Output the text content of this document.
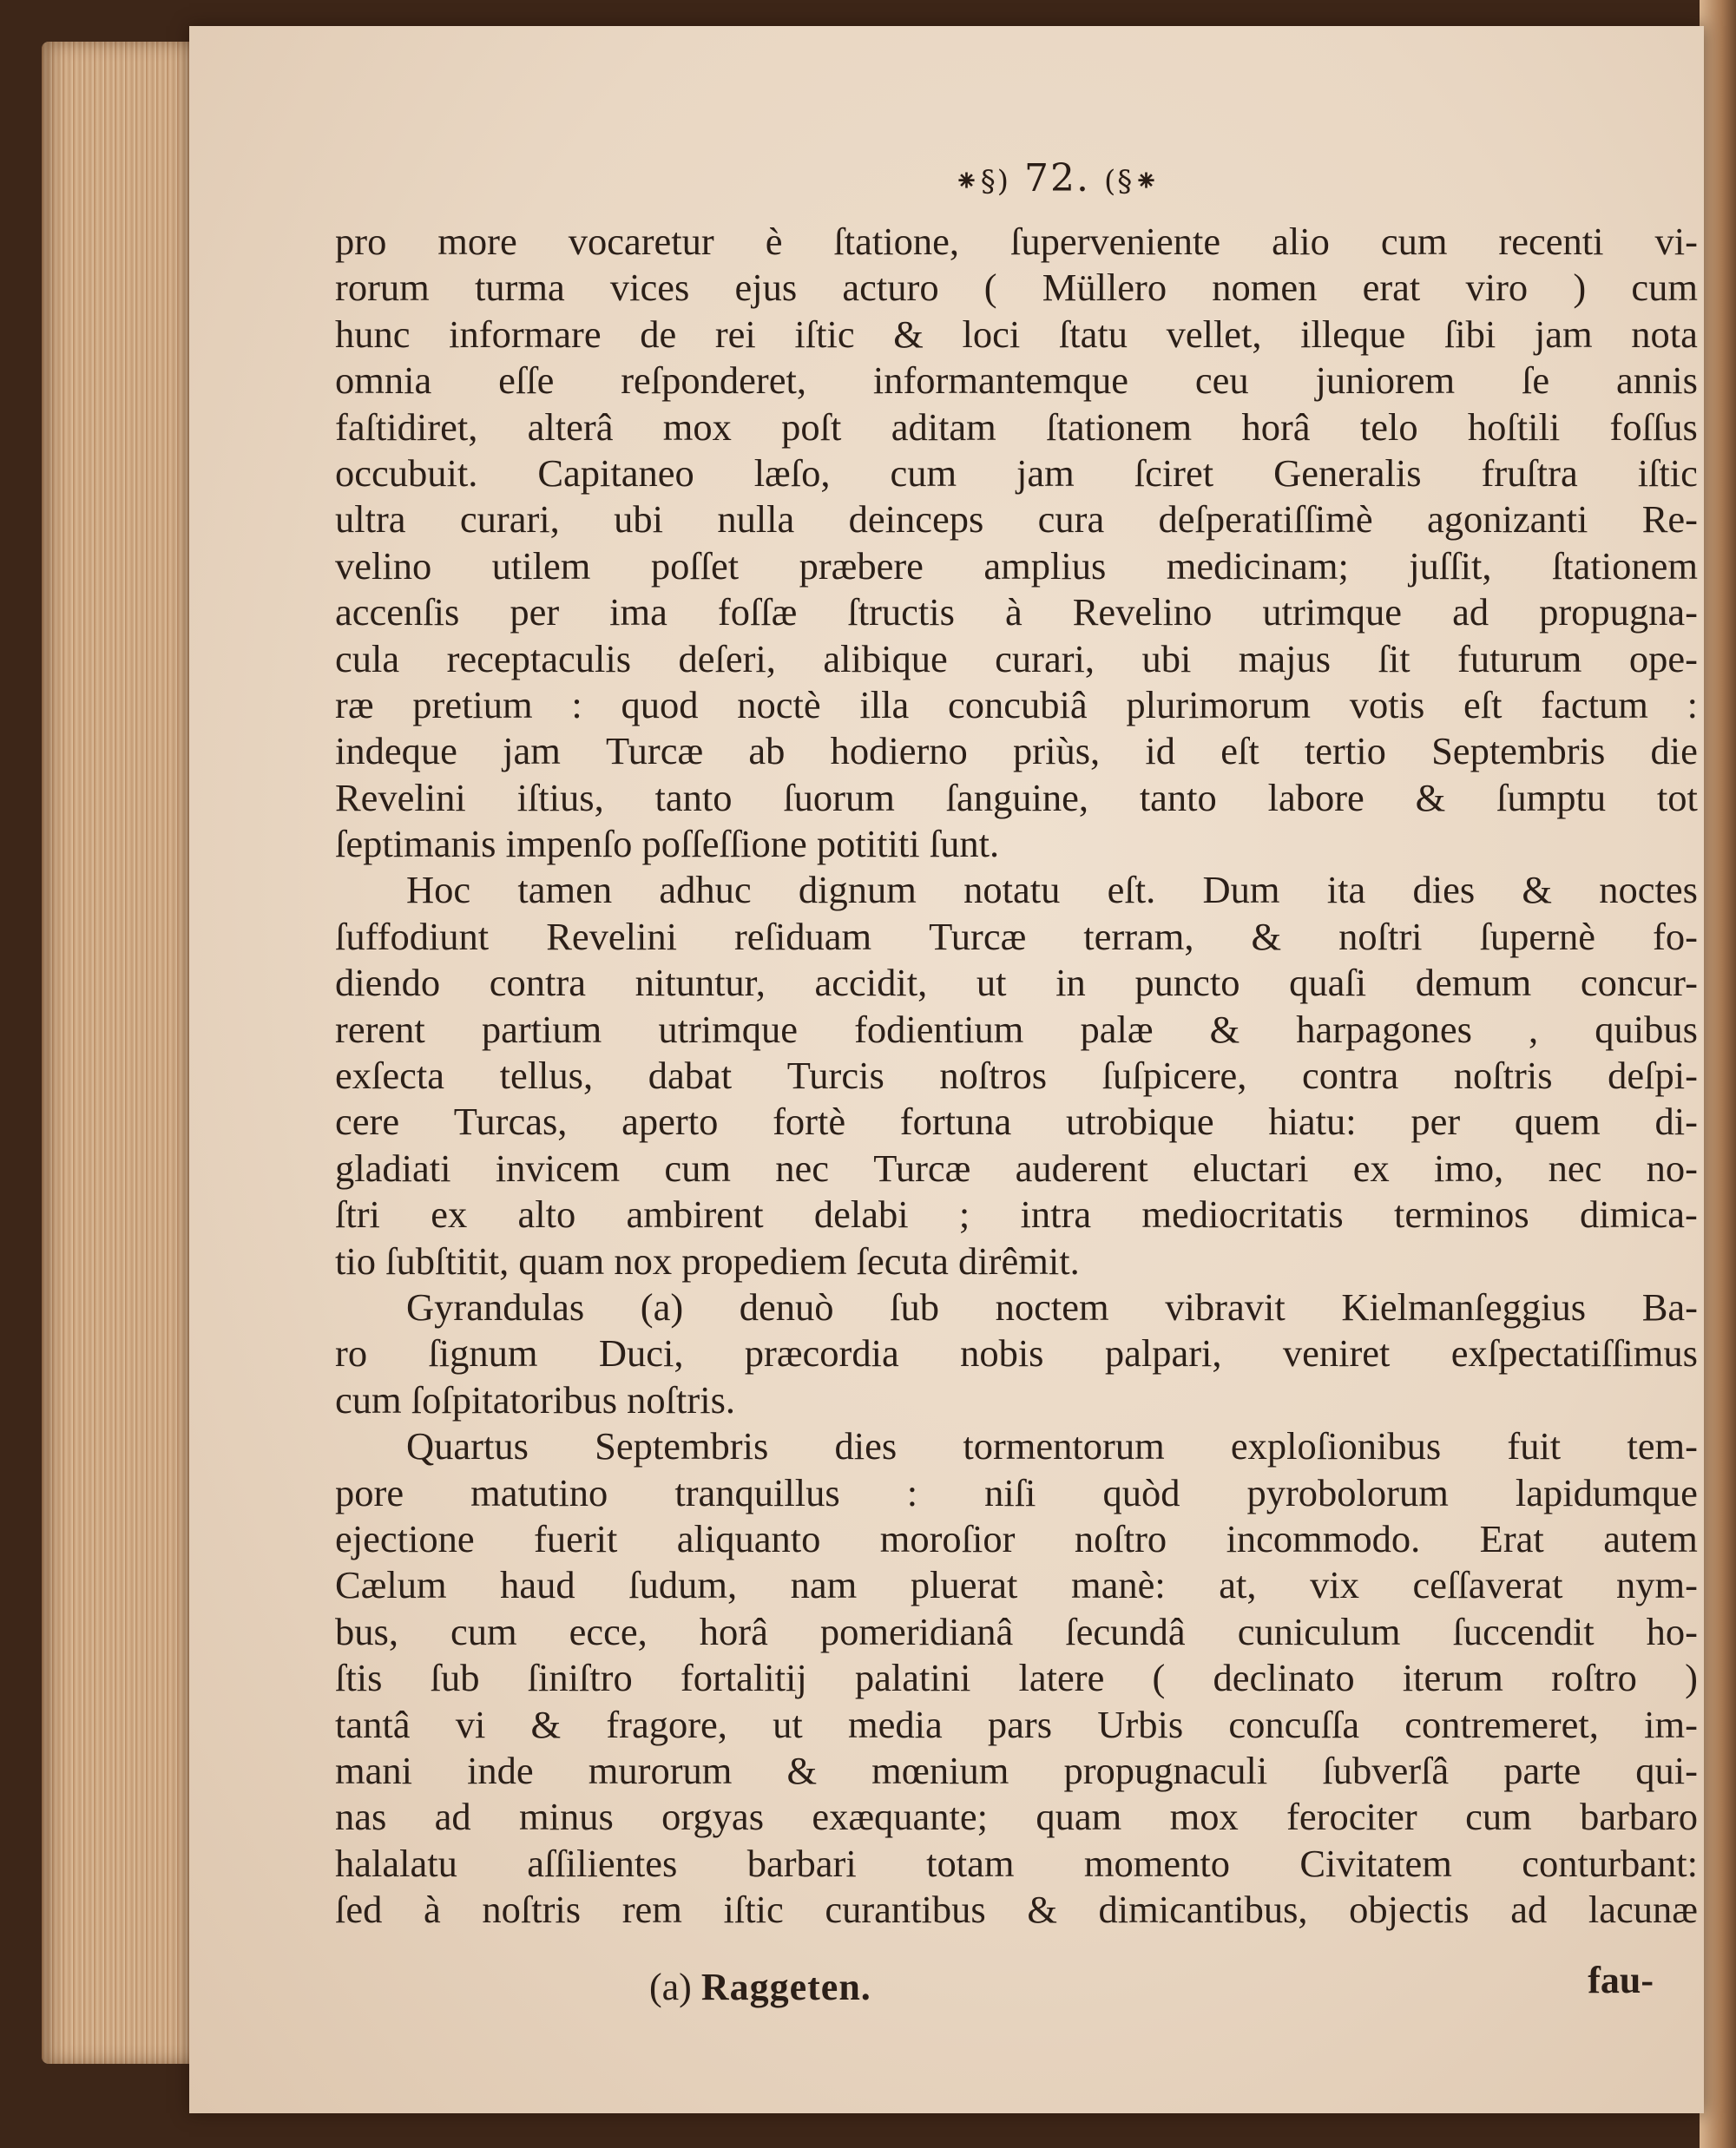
⁕§) 72. (§⁕
pro more vocaretur è ſtatione, ſuperveniente alio cum recenti vi-
rorum turma vices ejus acturo ( Müllero nomen erat viro ) cum
hunc informare de rei iſtic & loci ſtatu vellet, illeque ſibi jam nota
omnia eſſe reſponderet, informantemque ceu juniorem ſe annis
faſtidiret, alterâ mox poſt aditam ſtationem horâ telo hoſtili foſſus
occubuit. Capitaneo læſo, cum jam ſciret Generalis fruſtra iſtic
ultra curari, ubi nulla deinceps cura deſperatiſſimè agonizanti Re-
velino utilem poſſet præbere amplius medicinam; juſſit, ſtationem
accenſis per ima foſſæ ſtructis à Revelino utrimque ad propugna-
cula receptaculis deſeri, alibique curari, ubi majus ſit futurum ope-
ræ pretium : quod noctè illa concubiâ plurimorum votis eſt factum :
indeque jam Turcæ ab hodierno priùs, id eſt tertio Septembris die
Revelini iſtius, tanto ſuorum ſanguine, tanto labore & ſumptu tot
ſeptimanis impenſo poſſeſſione potititi ſunt.
Hoc tamen adhuc dignum notatu eſt. Dum ita dies & noctes
ſuffodiunt Revelini reſiduam Turcæ terram, & noſtri ſupernè fo-
diendo contra nituntur, accidit, ut in puncto quaſi demum concur-
rerent partium utrimque fodientium palæ & harpagones , quibus
exſecta tellus, dabat Turcis noſtros ſuſpicere, contra noſtris deſpi-
cere Turcas, aperto fortè fortuna utrobique hiatu: per quem di-
gladiati invicem cum nec Turcæ auderent eluctari ex imo, nec no-
ſtri ex alto ambirent delabi ; intra mediocritatis terminos dimica-
tio ſubſtitit, quam nox propediem ſecuta dirêmit.
Gyrandulas (a) denuò ſub noctem vibravit Kielmanſeggius Ba-
ro ſignum Duci, præcordia nobis palpari, veniret exſpectatiſſimus
cum ſoſpitatoribus noſtris.
Quartus Septembris dies tormentorum exploſionibus fuit tem-
pore matutino tranquillus : niſi quòd pyrobolorum lapidumque
ejectione fuerit aliquanto moroſior noſtro incommodo. Erat autem
Cælum haud ſudum, nam pluerat manè: at, vix ceſſaverat nym-
bus, cum ecce, horâ pomeridianâ ſecundâ cuniculum ſuccendit ho-
ſtis ſub ſiniſtro fortalitij palatini latere ( declinato iterum roſtro )
tantâ vi & fragore, ut media pars Urbis concuſſa contremeret, im-
mani inde murorum & mœnium propugnaculi ſubverſâ parte qui-
nas ad minus orgyas exæquante; quam mox ferociter cum barbaro
halalatu aſſilientes barbari totam momento Civitatem conturbant:
ſed à noſtris rem iſtic curantibus & dimicantibus, objectis ad lacunæ
(a) Raggeten.	fau-
